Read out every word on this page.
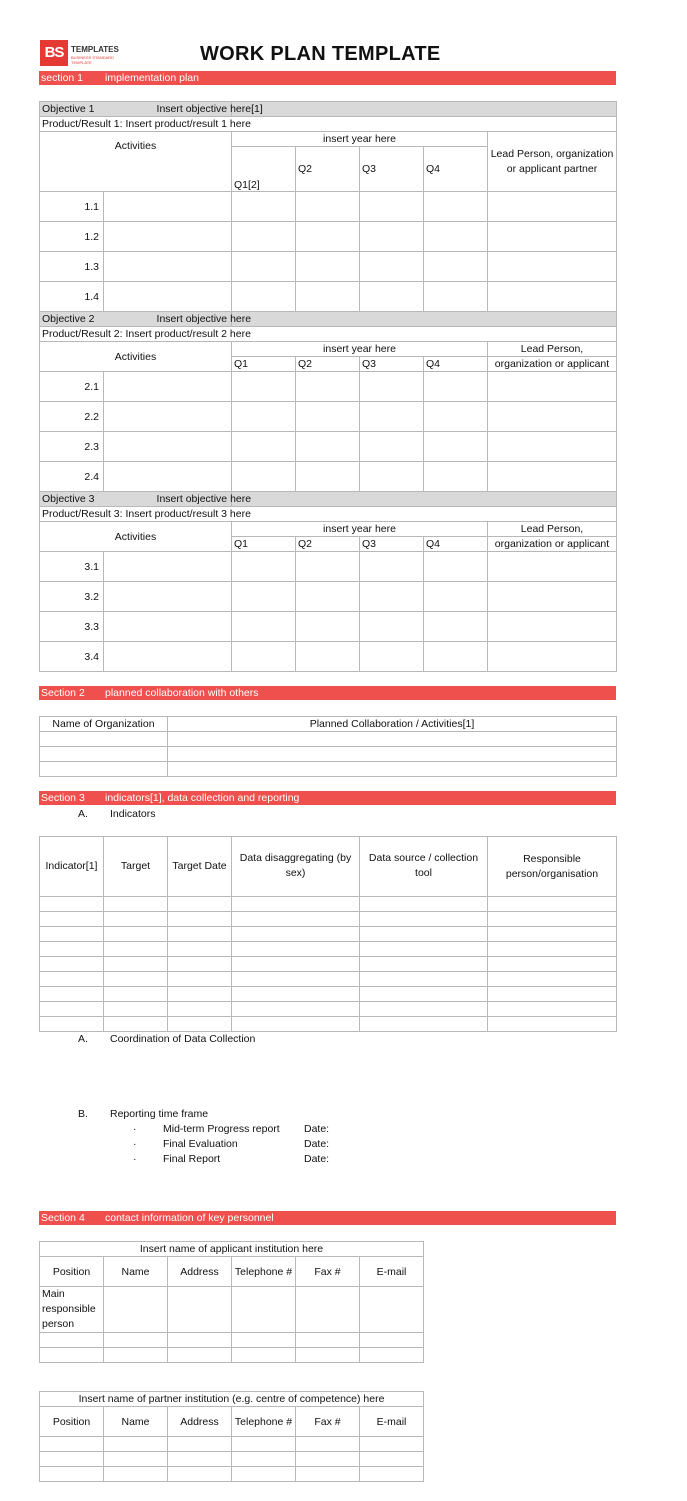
BS TEMPLATES
BUSINESS STANDARD TEMPLATE	WORK PLAN TEMPLATE
section 1 implementation plan
Objective 1 Insert objective here[1]						
Product/Result 1: Insert product/result 1 here						
Activities		insert year here				Lead Person, organization or applicant partner
		Q1[2]	Q2	Q3	Q4	
1.1						
1.2						
1.3						
1.4						
Objective 2 Insert objective here						
Product/Result 2: Insert product/result 2 here						
Activities		insert year here				Lead Person,
		Q1	Q2	Q3	Q4	organization or applicant
2.1						
2.2						
2.3						
2.4						
Objective 3 Insert objective here						
Product/Result 3: Insert product/result 3 here						
Activities		insert year here				Lead Person,
		Q1	Q2	Q3	Q4	organization or applicant
3.1						
3.2						
3.3						
3.4						
Section 2 planned collaboration with others
Name of Organization	Planned Collaboration / Activities[1]

Section 3 indicators[1], data collection and reporting
A. Indicators
Indicator[1]	Target	Target Date	Data disaggregating (by sex)	Data source / collection tool	Responsible person/organisation

A. Coordination of Data Collection
B. Reporting time frame
·	Mid-term Progress report Date:
·	Final Evaluation	Date:
·	Final Report	Date:
Section 4 contact information of key personnel
Insert name of applicant institution here					
Position	Name	Address	Telephone #	Fax #	E-mail
Main responsible person					

Insert name of partner institution (e.g. centre of competence) here					
Position	Name	Address	Telephone #	Fax #	E-mail
